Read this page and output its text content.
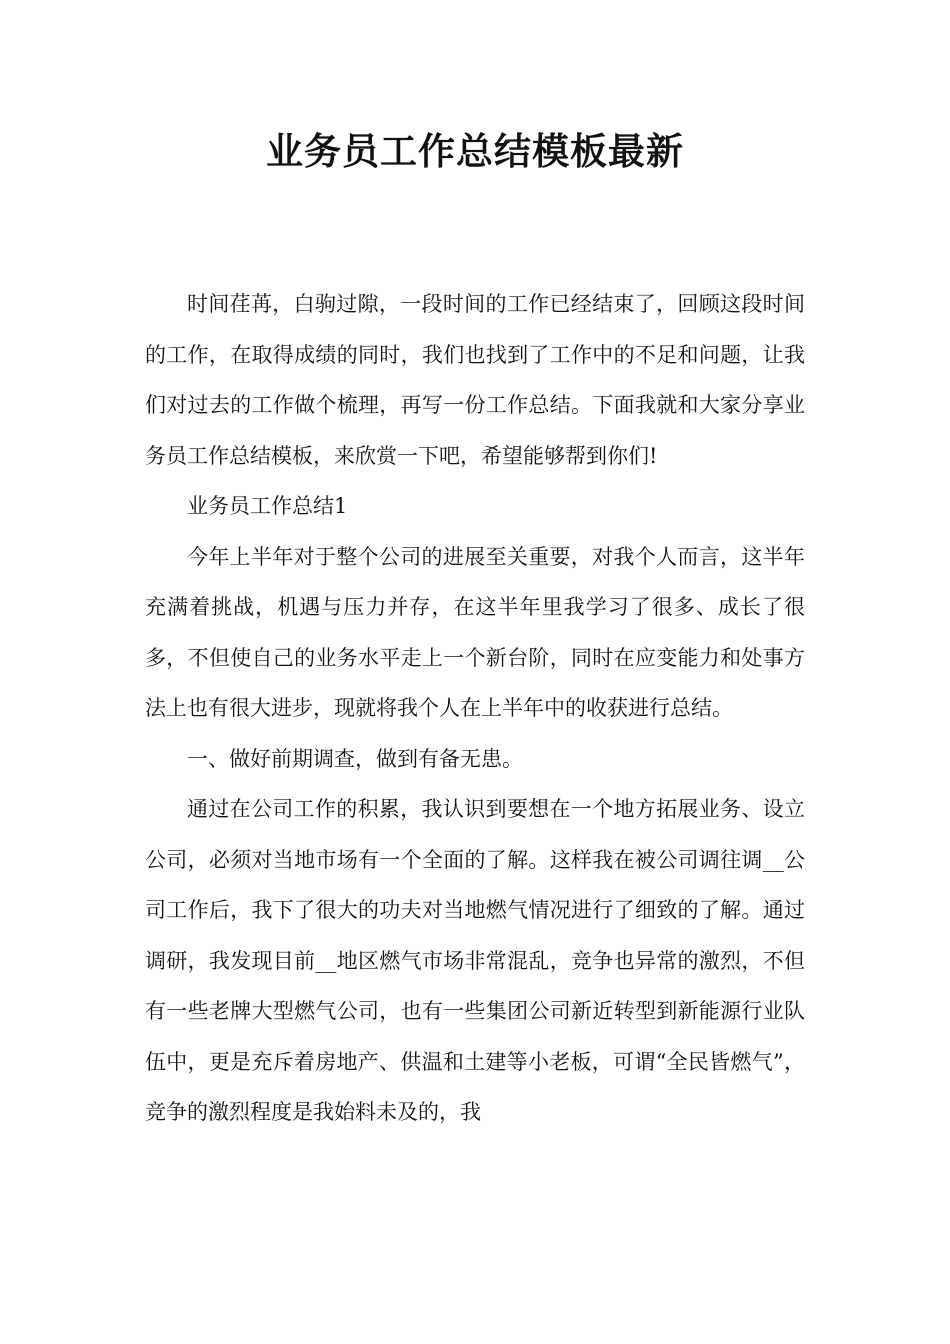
业务员工作总结模板最新

时间荏苒，白驹过隙，一段时间的工作已经结束了，回顾这段时间的工作，在取得成绩的同时，我们也找到了工作中的不足和问题，让我们对过去的工作做个梳理，再写一份工作总结。下面我就和大家分享业务员工作总结模板，来欣赏一下吧，希望能够帮到你们!

业务员工作总结1

今年上半年对于整个公司的进展至关重要，对我个人而言，这半年充满着挑战，机遇与压力并存，在这半年里我学习了很多、成长了很多，不但使自己的业务水平走上一个新台阶，同时在应变能力和处事方法上也有很大进步，现就将我个人在上半年中的收获进行总结。

一、做好前期调查，做到有备无患。

通过在公司工作的积累，我认识到要想在一个地方拓展业务、设立公司，必须对当地市场有一个全面的了解。这样我在被公司调往调__公司工作后，我下了很大的功夫对当地燃气情况进行了细致的了解。通过调研，我发现目前__地区燃气市场非常混乱，竞争也异常的激烈，不但有一些老牌大型燃气公司，也有一些集团公司新近转型到新能源行业队伍中，更是充斥着房地产、供温和土建等小老板，可谓“全民皆燃气”，竞争的激烈程度是我始料未及的，我
